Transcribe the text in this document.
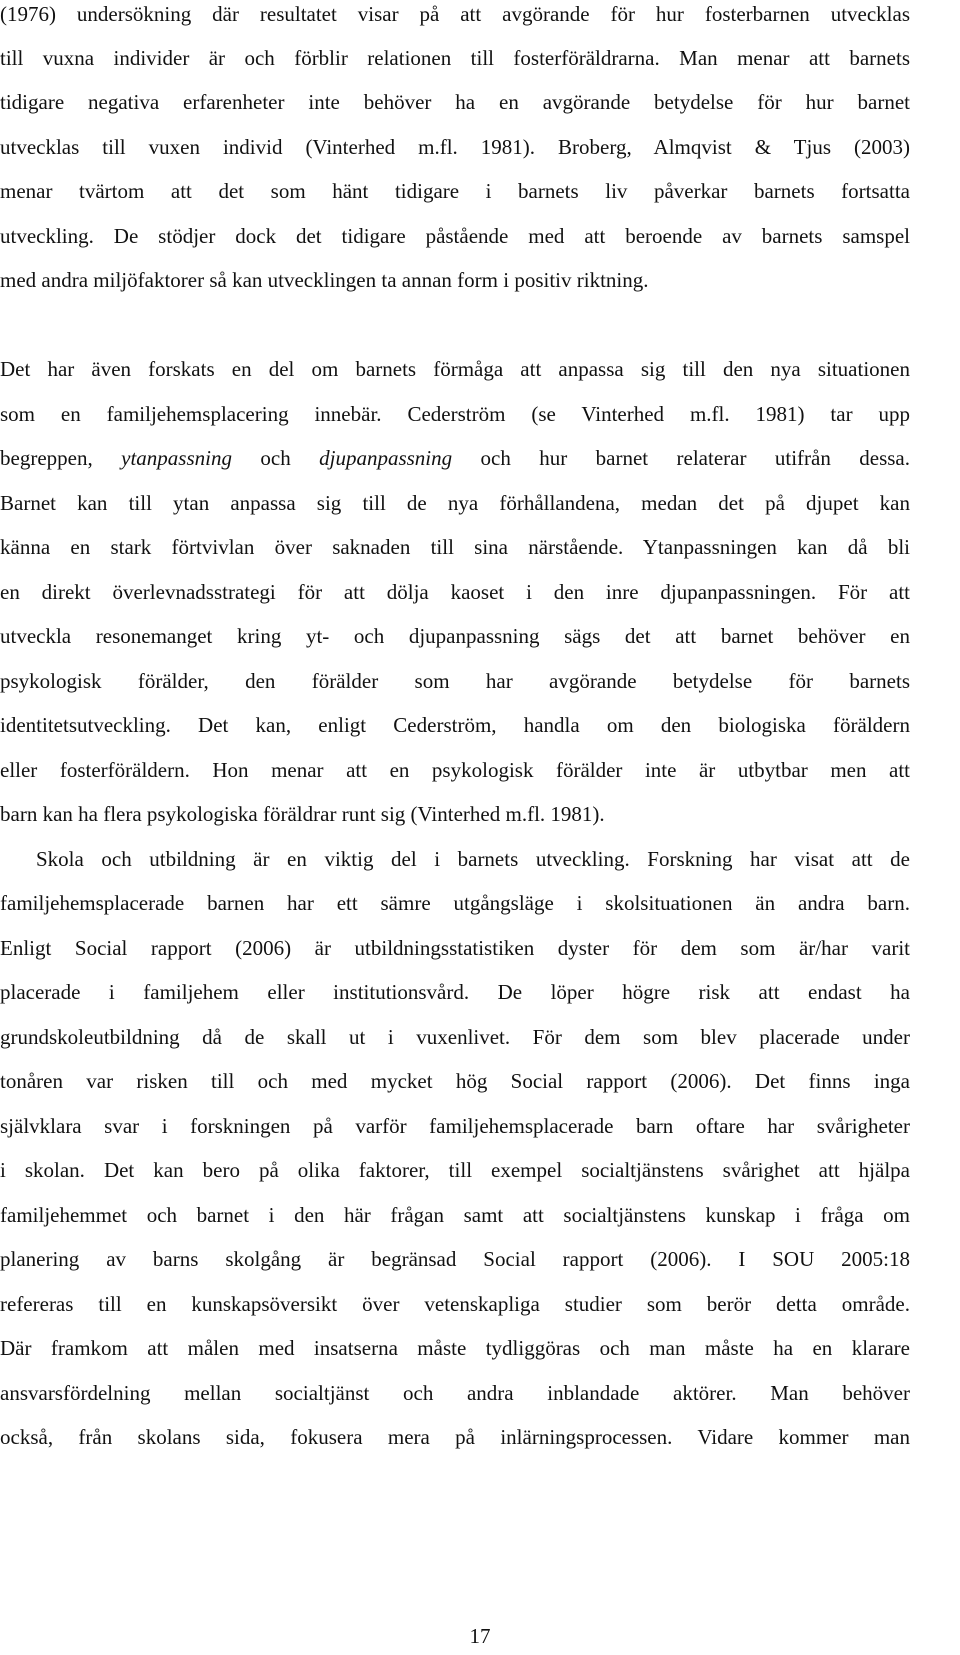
(1976) undersökning där resultatet visar på att avgörande för hur fosterbarnen utvecklas
till vuxna individer är och förblir relationen till fosterföräldrarna. Man menar att barnets
tidigare negativa erfarenheter inte behöver ha en avgörande betydelse för hur barnet
utvecklas till vuxen individ (Vinterhed m.fl. 1981). Broberg, Almqvist & Tjus (2003)
menar tvärtom att det som hänt tidigare i barnets liv påverkar barnets fortsatta
utveckling. De stödjer dock det tidigare påstående med att beroende av barnets samspel
med andra miljöfaktorer så kan utvecklingen ta annan form i positiv riktning.
Det har även forskats en del om barnets förmåga att anpassa sig till den nya situationen
som en familjehemsplacering innebär. Cederström (se Vinterhed m.fl. 1981) tar upp
begreppen, ytanpassning och djupanpassning och hur barnet relaterar utifrån dessa.
Barnet kan till ytan anpassa sig till de nya förhållandena, medan det på djupet kan
känna en stark förtvivlan över saknaden till sina närstående. Ytanpassningen kan då bli
en direkt överlevnadsstrategi för att dölja kaoset i den inre djupanpassningen. För att
utveckla resonemanget kring yt- och djupanpassning sägs det att barnet behöver en
psykologisk förälder, den förälder som har avgörande betydelse för barnets
identitetsutveckling. Det kan, enligt Cederström, handla om den biologiska föräldern
eller fosterföräldern. Hon menar att en psykologisk förälder inte är utbytbar men att
barn kan ha flera psykologiska föräldrar runt sig (Vinterhed m.fl. 1981).
Skola och utbildning är en viktig del i barnets utveckling. Forskning har visat att de
familjehemsplacerade barnen har ett sämre utgångsläge i skolsituationen än andra barn.
Enligt Social rapport (2006) är utbildningsstatistiken dyster för dem som är/har varit
placerade i familjehem eller institutionsvård. De löper högre risk att endast ha
grundskoleutbildning då de skall ut i vuxenlivet. För dem som blev placerade under
tonåren var risken till och med mycket hög Social rapport (2006). Det finns inga
självklara svar i forskningen på varför familjehemsplacerade barn oftare har svårigheter
i skolan. Det kan bero på olika faktorer, till exempel socialtjänstens svårighet att hjälpa
familjehemmet och barnet i den här frågan samt att socialtjänstens kunskap i fråga om
planering av barns skolgång är begränsad Social rapport (2006). I SOU 2005:18
refereras till en kunskapsöversikt över vetenskapliga studier som berör detta område.
Där framkom att målen med insatserna måste tydliggöras och man måste ha en klarare
ansvarsfördelning mellan socialtjänst och andra inblandade aktörer. Man behöver
också, från skolans sida, fokusera mera på inlärningsprocessen. Vidare kommer man
17
